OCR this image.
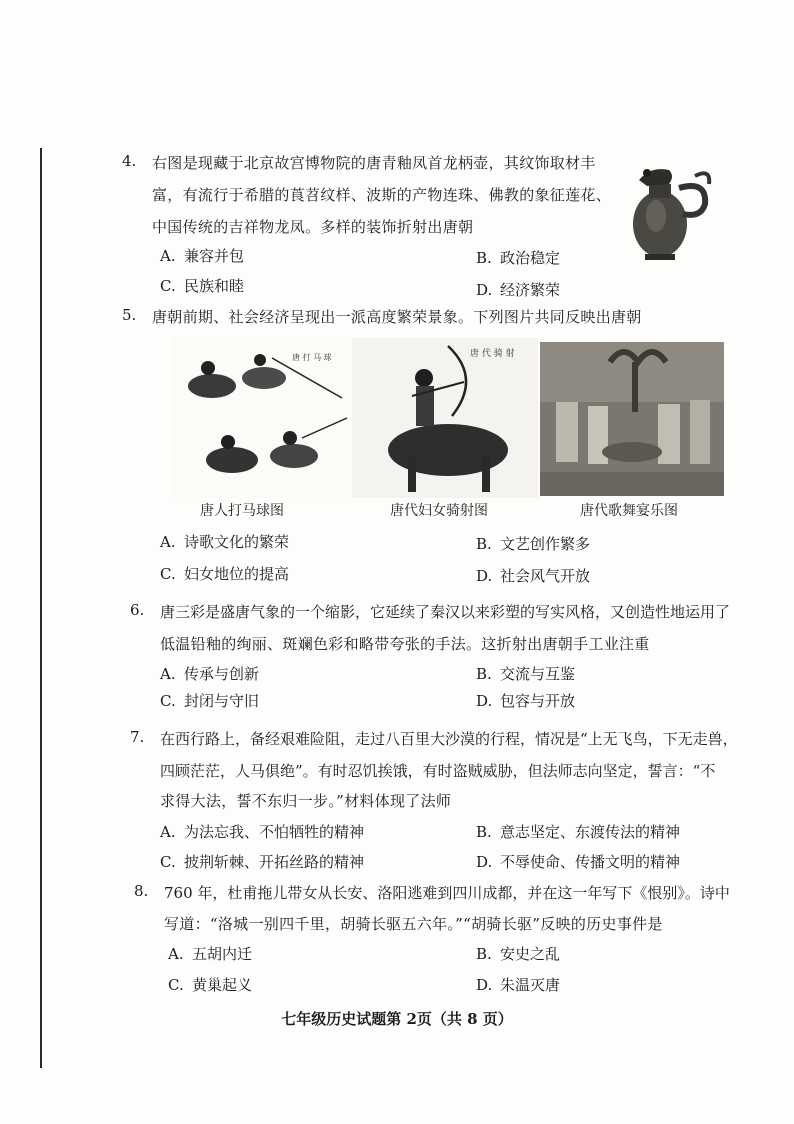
4. 右图是现藏于北京故宫博物院的唐青釉凤首龙柄壶，其纹饰取材丰
富，有流行于希腊的莨苕纹样、波斯的产物连珠、佛教的象征莲花、
中国传统的吉祥物龙凤。多样的装饰折射出唐朝
A. 兼容并包	B. 政治稳定
C. 民族和睦	D. 经济繁荣
5. 唐朝前期、社会经济呈现出一派高度繁荣景象。下列图片共同反映出唐朝
唐 打 马 球	唐 代 骑 射
唐人打马球图	唐代妇女骑射图	唐代歌舞宴乐图
A. 诗歌文化的繁荣	B. 文艺创作繁多
C. 妇女地位的提高	D. 社会风气开放
6. 唐三彩是盛唐气象的一个缩影，它延续了秦汉以来彩塑的写实风格，又创造性地运用了
低温铅釉的绚丽、斑斓色彩和略带夸张的手法。这折射出唐朝手工业注重
A. 传承与创新	B. 交流与互鉴
C. 封闭与守旧	D. 包容与开放
7. 在西行路上，备经艰难险阻，走过八百里大沙漠的行程，情况是“上无飞鸟，下无走兽，
四顾茫茫，人马俱绝”。有时忍饥挨饿，有时盗贼威胁，但法师志向坚定，誓言：“不
求得大法，誓不东归一步。”材料体现了法师
A. 为法忘我、不怕牺牲的精神	B. 意志坚定、东渡传法的精神
C. 披荆斩棘、开拓丝路的精神	D. 不辱使命、传播文明的精神
8. 760 年，杜甫拖儿带女从长安、洛阳逃难到四川成都，并在这一年写下《恨别》。诗中
写道：“洛城一别四千里，胡骑长驱五六年。”“胡骑长驱”反映的历史事件是
A. 五胡内迁	B. 安史之乱
C. 黄巢起义	D. 朱温灭唐
七年级历史试题第 2页（共 8 页）
